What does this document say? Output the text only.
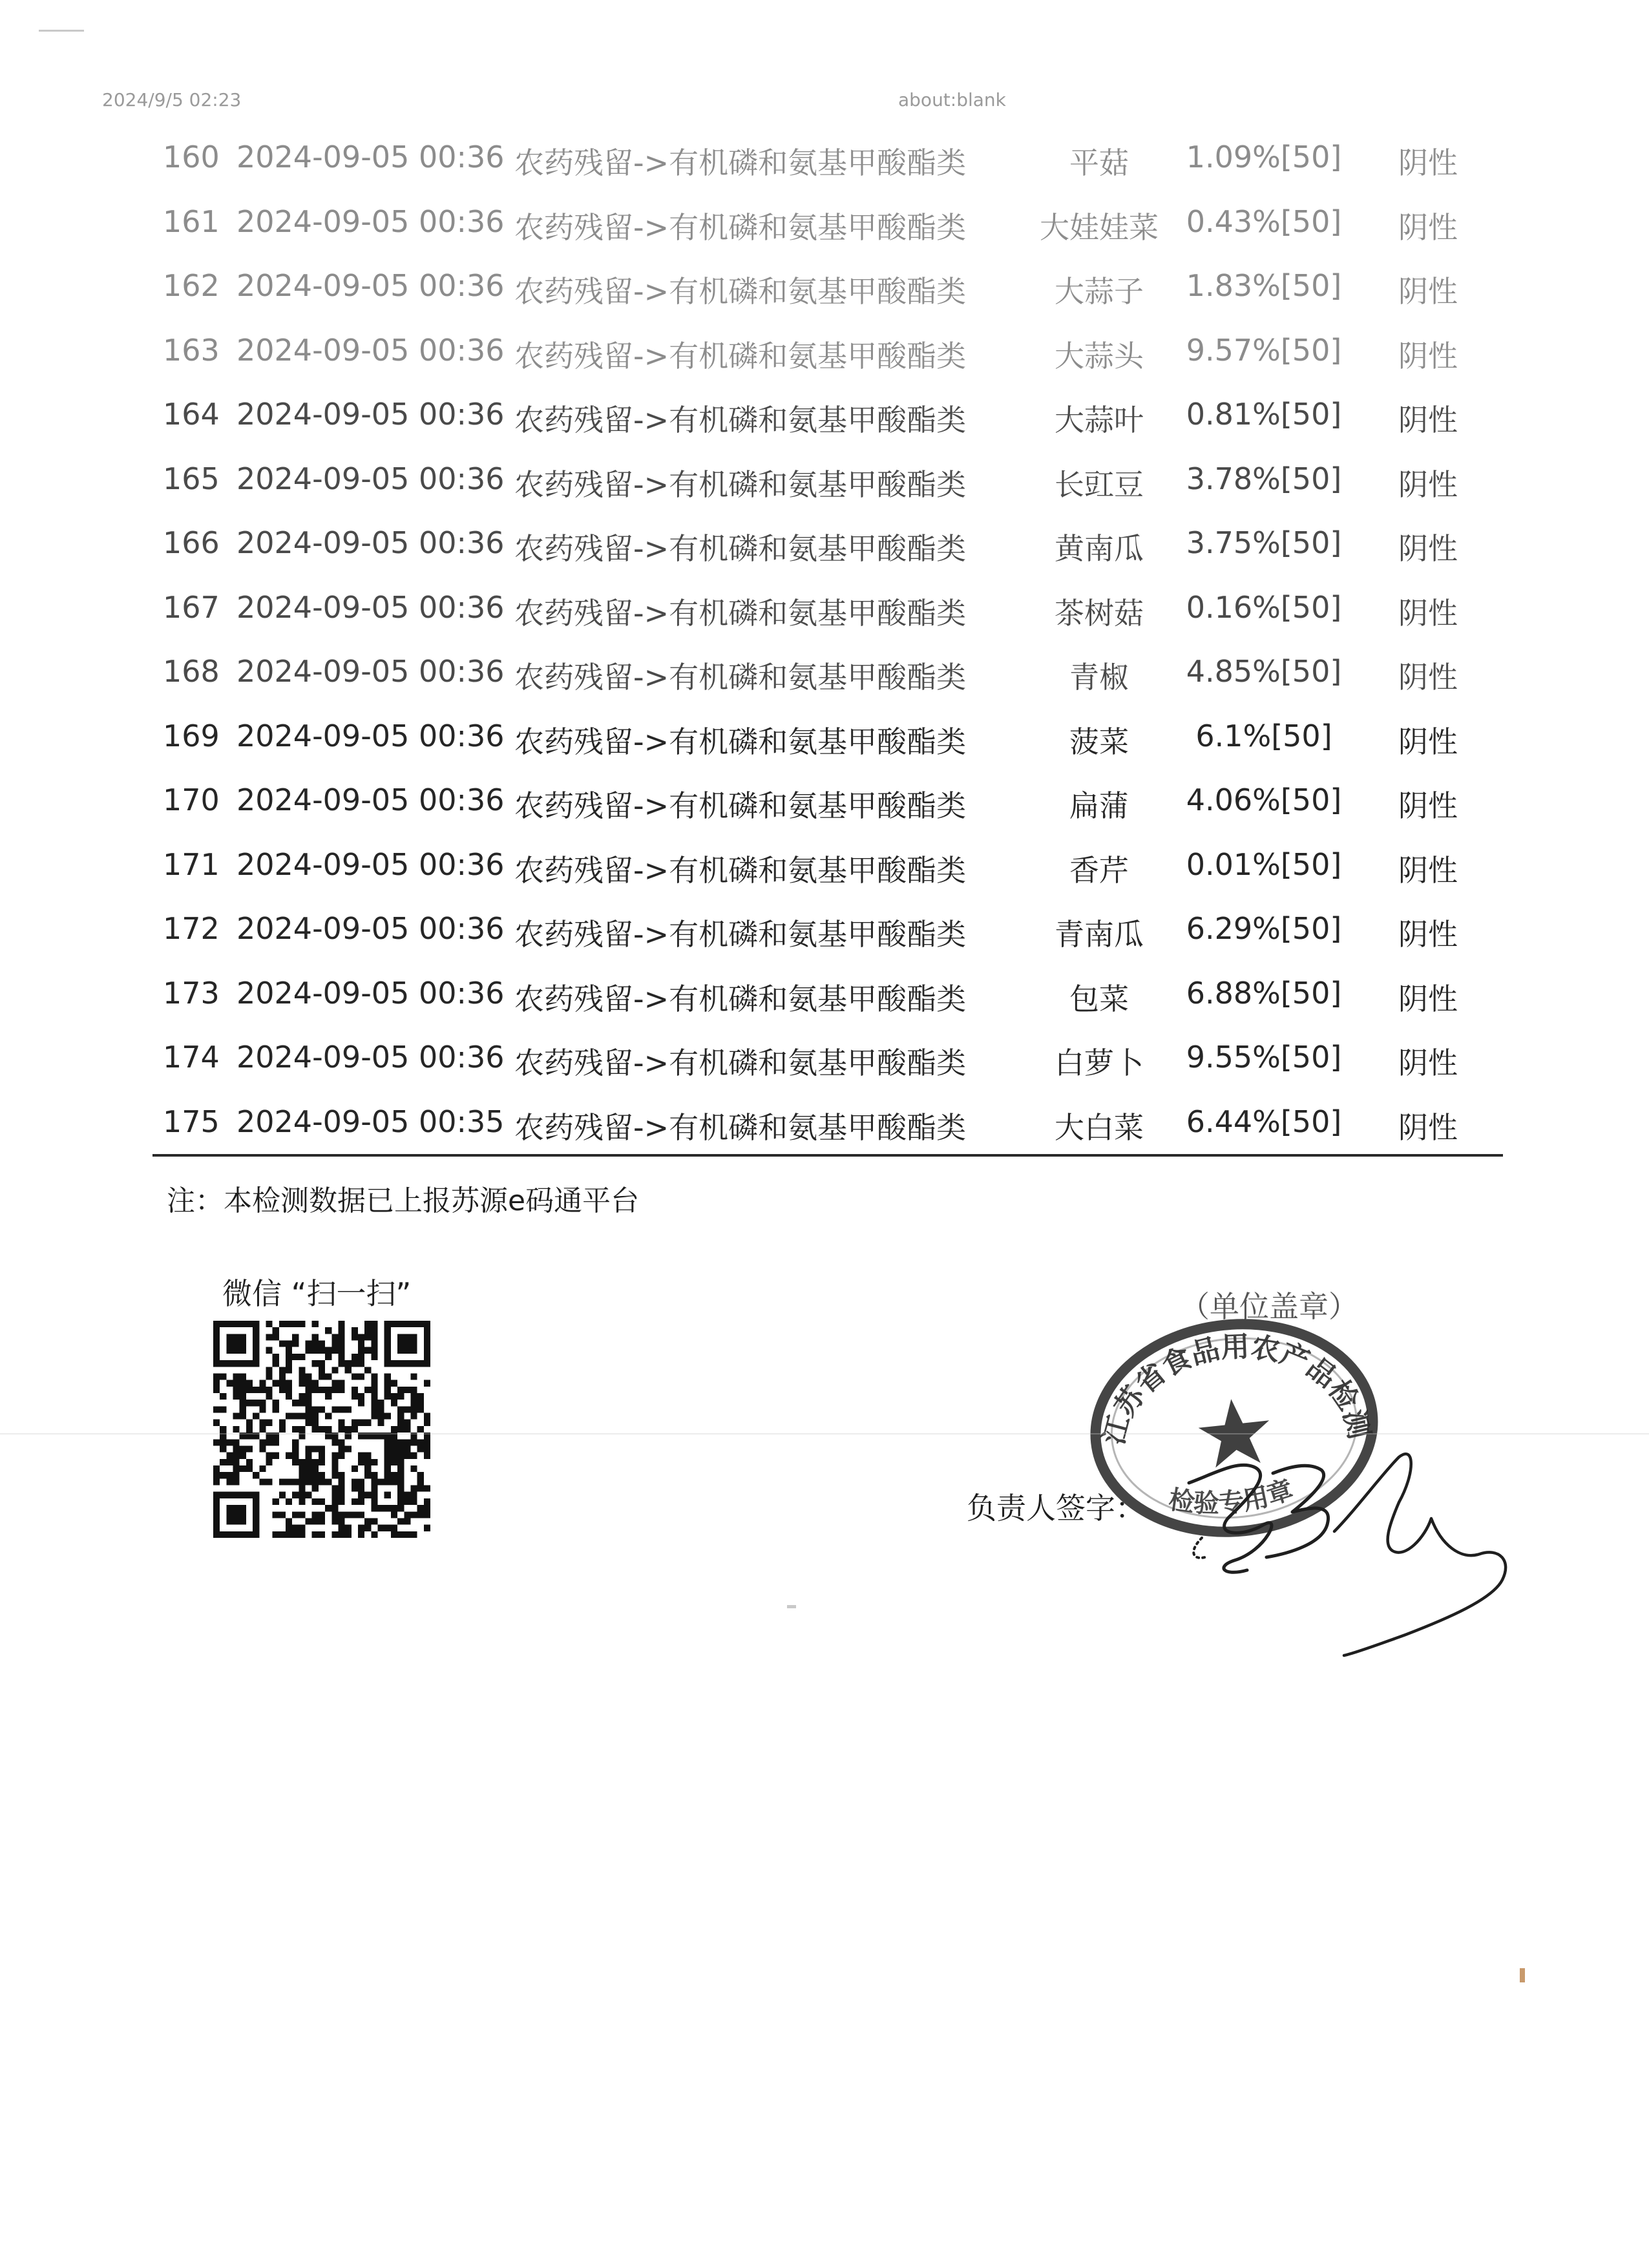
2024/9/5 02:23	about:blank
160 2024-09-05 00:36 农药残留->有机磷和氨基甲酸酯类	平菇	1.09%[50]	阴性
161 2024-09-05 00:36 农药残留->有机磷和氨基甲酸酯类	大娃娃菜 0.43%[50]	阴性
162 2024-09-05 00:36 农药残留->有机磷和氨基甲酸酯类	大蒜子	1.83%[50]	阴性
163 2024-09-05 00:36 农药残留->有机磷和氨基甲酸酯类	大蒜头	9.57%[50]	阴性
164 2024-09-05 00:36 农药残留->有机磷和氨基甲酸酯类	大蒜叶	0.81%[50]	阴性
165 2024-09-05 00:36 农药残留->有机磷和氨基甲酸酯类	长豇豆	3.78%[50]	阴性
166 2024-09-05 00:36 农药残留->有机磷和氨基甲酸酯类	黄南瓜	3.75%[50]	阴性
167 2024-09-05 00:36 农药残留->有机磷和氨基甲酸酯类	茶树菇	0.16%[50]	阴性
168 2024-09-05 00:36 农药残留->有机磷和氨基甲酸酯类	青椒	4.85%[50]	阴性
169 2024-09-05 00:36 农药残留->有机磷和氨基甲酸酯类	菠菜	6.1%[50]	阴性
170 2024-09-05 00:36 农药残留->有机磷和氨基甲酸酯类	扁蒲	4.06%[50]	阴性
171 2024-09-05 00:36 农药残留->有机磷和氨基甲酸酯类	香芹	0.01%[50]	阴性
172 2024-09-05 00:36 农药残留->有机磷和氨基甲酸酯类	青南瓜	6.29%[50]	阴性
173 2024-09-05 00:36 农药残留->有机磷和氨基甲酸酯类	包菜	6.88%[50]	阴性
174 2024-09-05 00:36 农药残留->有机磷和氨基甲酸酯类	白萝卜	9.55%[50]	阴性
175 2024-09-05 00:35 农药残留->有机磷和氨基甲酸酯类	大白菜	6.44%[50]	阴性
注：本检测数据已上报苏源e码通平台
微信 “扫一扫”	（单位盖章）
负责人签字：
江苏省食品用农产品检测
检验专用章
